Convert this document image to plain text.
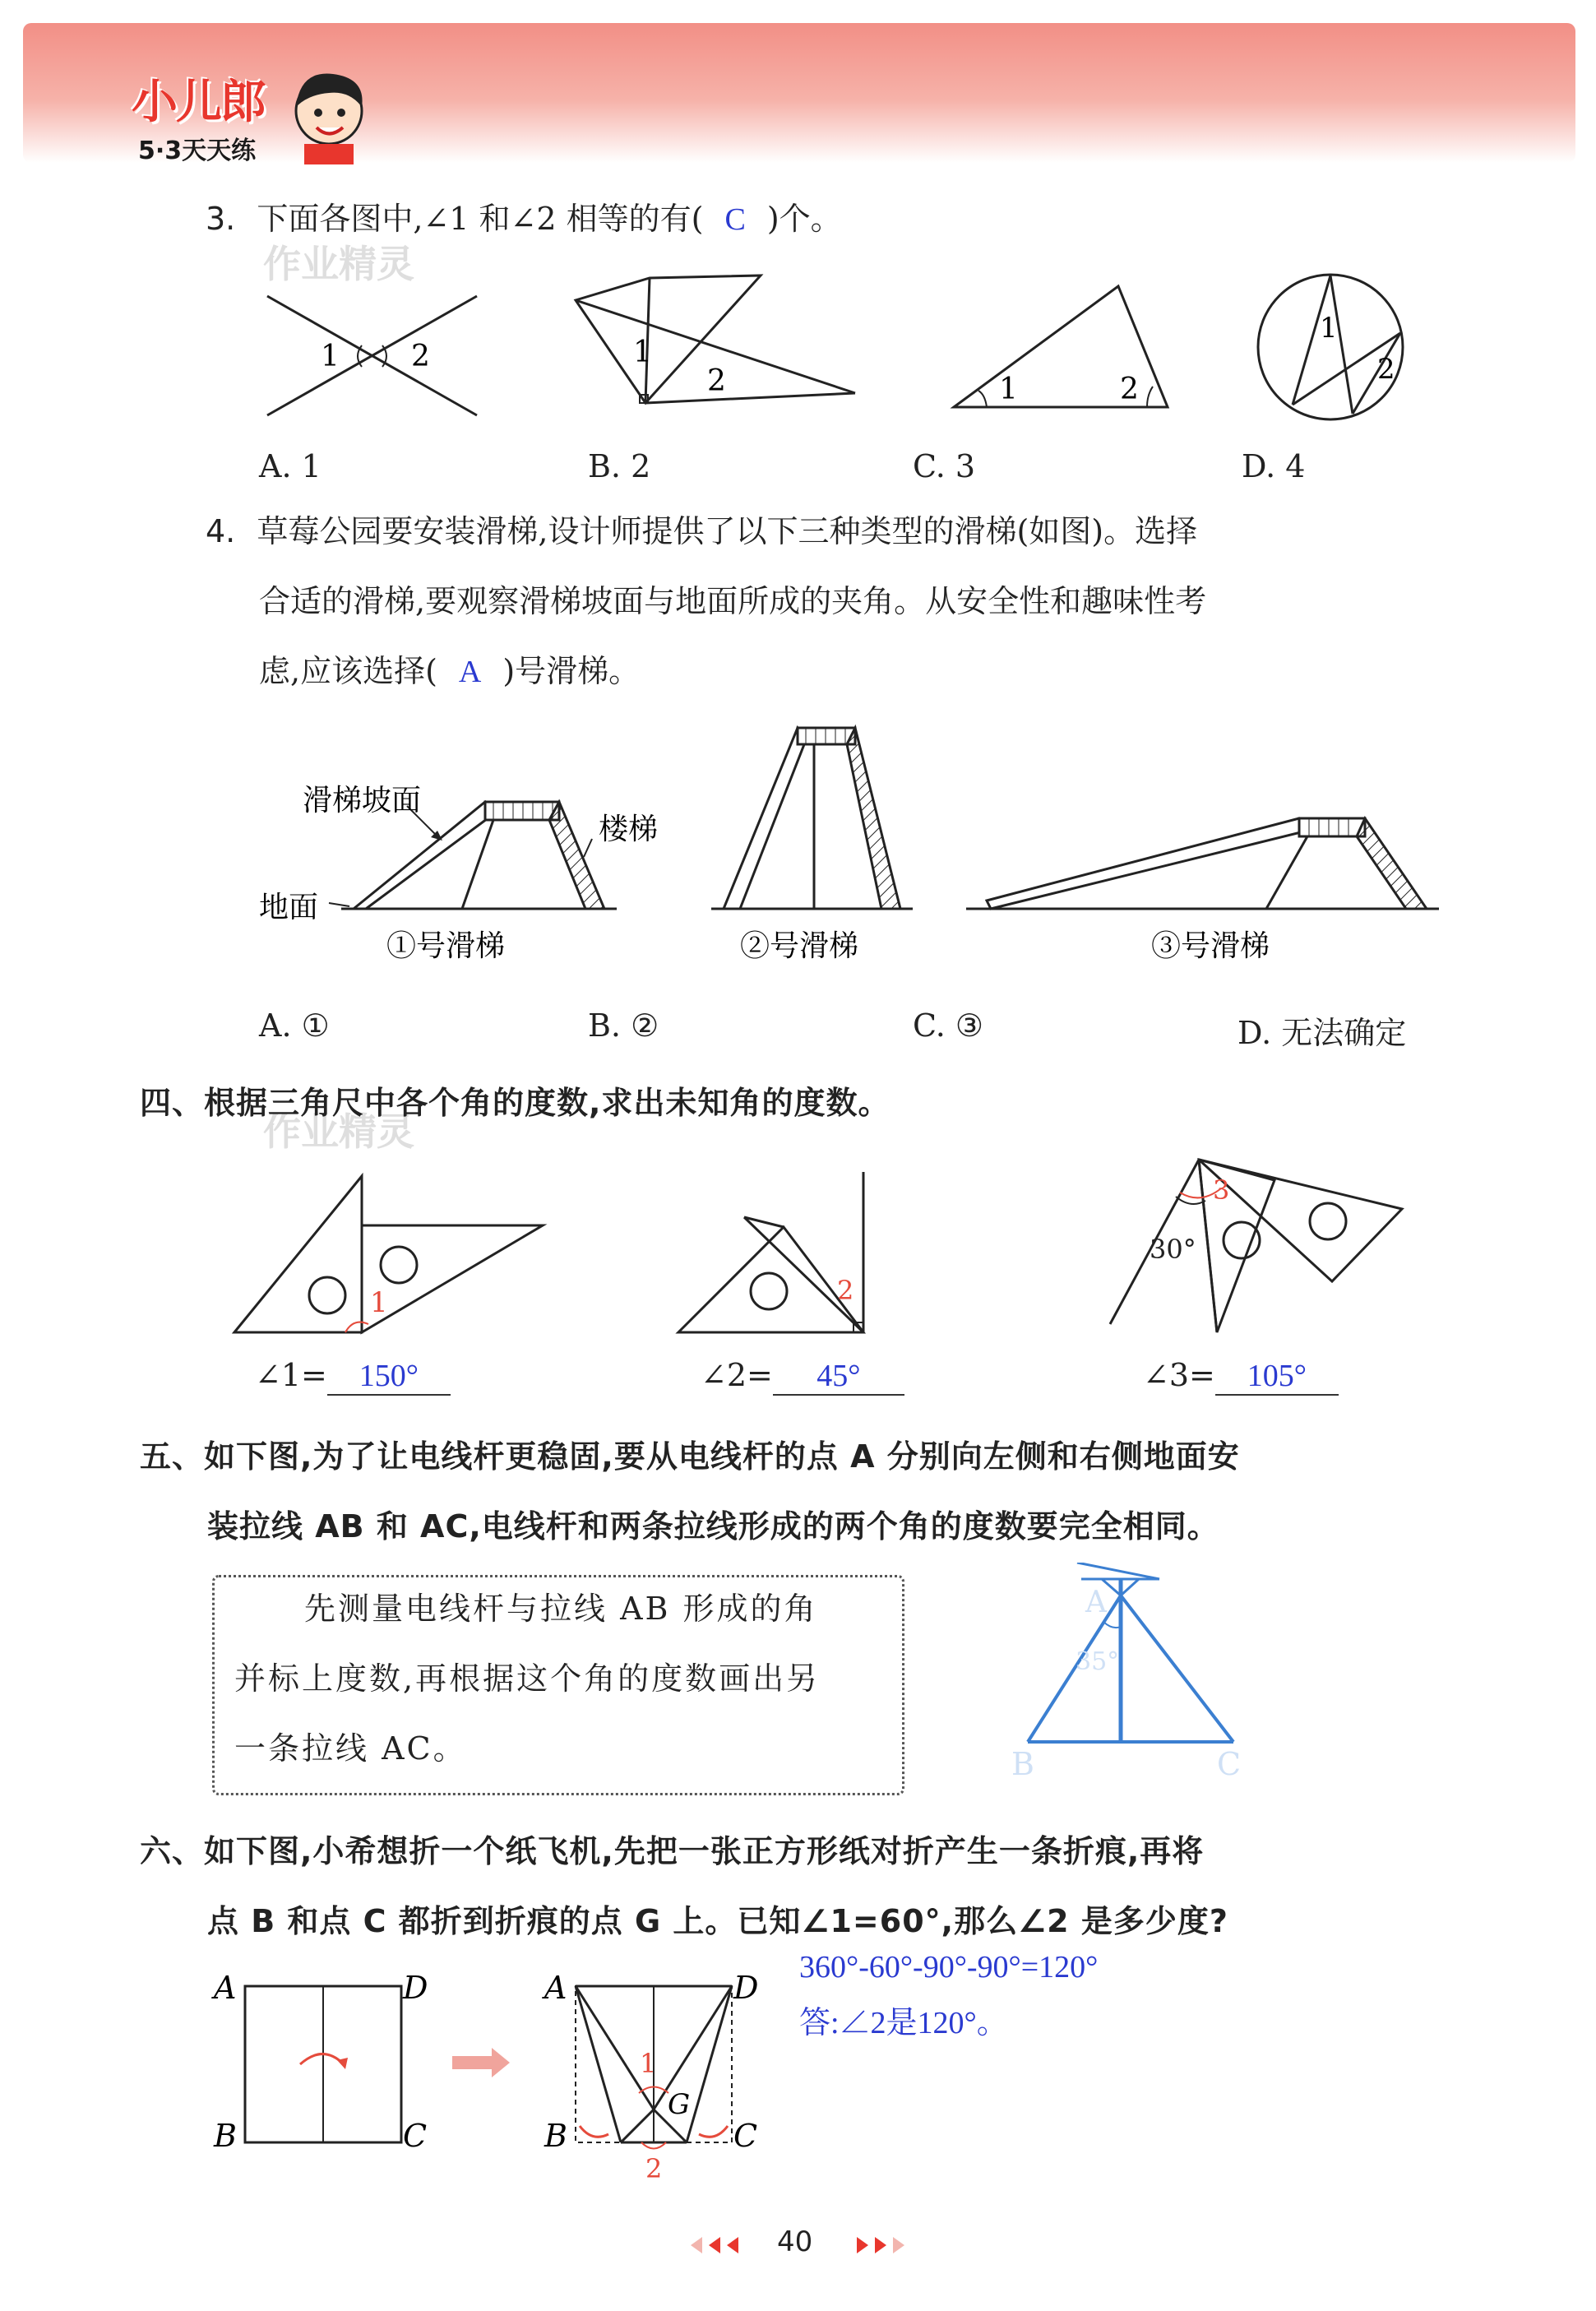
小儿郎
5·3天天练
作业精灵
作业精灵
3. 下面各图中,∠1 和∠2 相等的有( C )个。
1 2	1
2	1	2
1
2
A. 1	B. 2	C. 3	D. 4
4. 草莓公园要安装滑梯,设计师提供了以下三种类型的滑梯(如图)。选择
合适的滑梯,要观察滑梯坡面与地面所成的夹角。从安全性和趣味性考
虑,应该选择( A )号滑梯。
滑梯坡面
楼梯
地面
①号滑梯	②号滑梯	③号滑梯
A. ①	B. ②	C. ③	D. 无法确定
四、根据三角尺中各个角的度数,求出未知角的度数。
1	2
3
30°
∠1= 150°	∠2= 45°	∠3= 105°
五、如下图,为了让电线杆更稳固,要从电线杆的点 A 分别向左侧和右侧地面安
装拉线 AB 和 AC,电线杆和两条拉线形成的两个角的度数要完全相同。
先测量电线杆与拉线 AB 形成的角
并标上度数,再根据这个角的度数画出另
一条拉线 AC。
A
35°
B	C
六、如下图,小希想折一个纸飞机,先把一张正方形纸对折产生一条折痕,再将
点 B 和点 C 都折到折痕的点 G 上。已知∠1=60°,那么∠2 是多少度?
A	D
B	C
A	D
B	C
G
1
2
360°-60°-90°-90°=120°
答:∠2是120°。
40
